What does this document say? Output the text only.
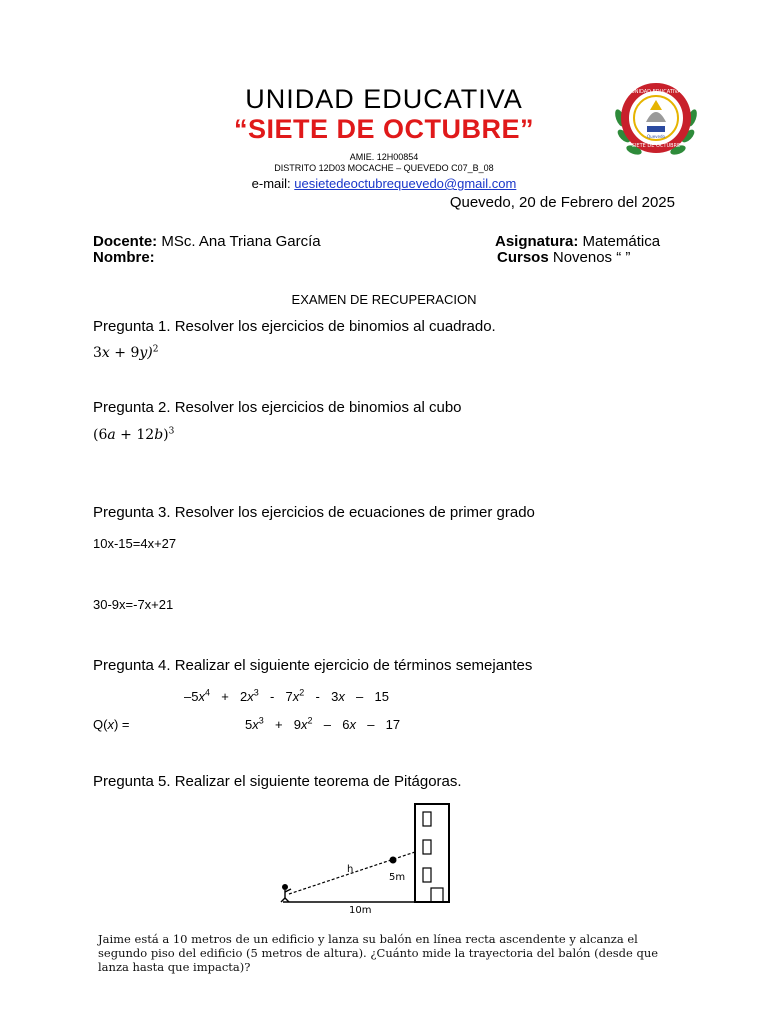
UNIDAD EDUCATIVA
“SIETE DE OCTUBRE”
AMIE. 12H00854
DISTRITO 12D03 MOCACHE – QUEVEDO C07_B_08
e-mail: uesietedeoctubrequevedo@gmail.com
Quevedo, 20 de Febrero del 2025
UNIDAD EDUCATIVA
SIETE DE OCTUBRE
Quevedo
Docente: MSc. Ana Triana García	Asignatura: Matemática
Nombre:	Cursos Novenos “ ”
EXAMEN DE RECUPERACION
Pregunta 1. Resolver los ejercicios de binomios al cuadrado.
3x + 9y)$^2$
Pregunta 2. Resolver los ejercicios de binomios al cubo
$(6a + 12b)^3$
Pregunta 3. Resolver los ejercicios de ecuaciones de primer grado
10x-15=4x+27
30-9x=-7x+21
Pregunta 4. Realizar el siguiente ejercicio de términos semejantes
$-5x^4 + 2x^3 - 7x^2 - 3x - 15$
Q(x) =	$5x^3 + 9x^2 - 6x - 17$
Pregunta 5. Realizar el siguiente teorema de Pitágoras.
h
5m
10m
Jaime está a 10 metros de un edificio y lanza su balón en línea recta ascendente y alcanza el segundo piso del edificio (5 metros de altura). ¿Cuánto mide la trayectoria del balón (desde que lanza hasta que impacta)?
